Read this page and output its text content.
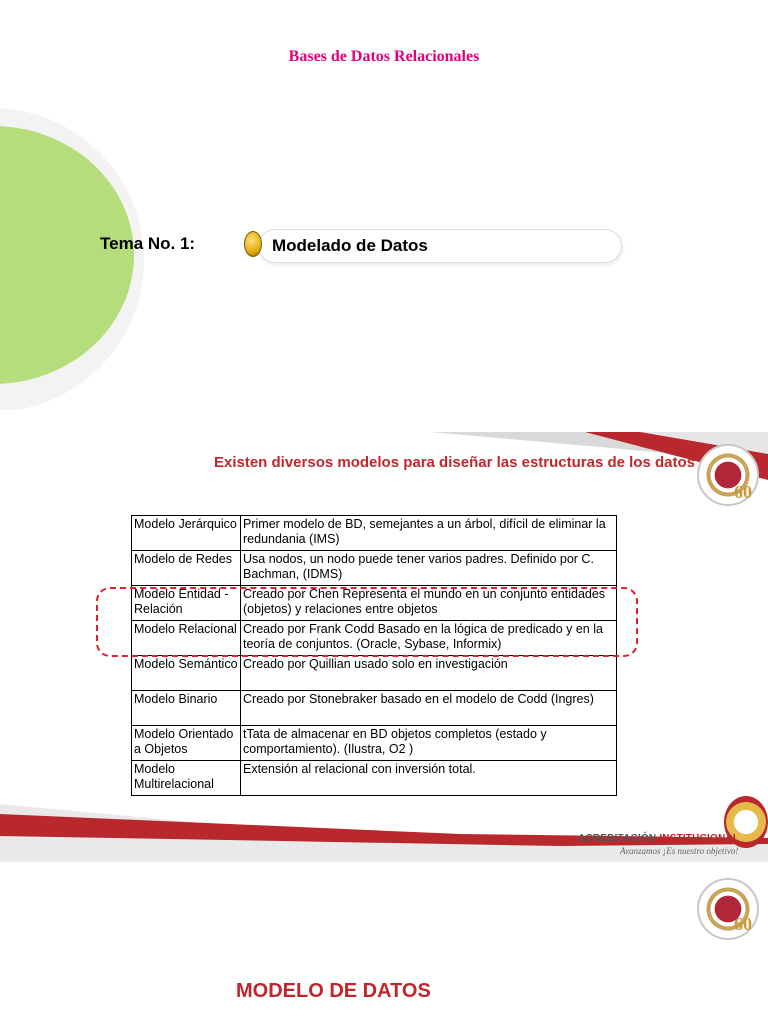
Bases de Datos Relacionales
Tema No. 1:	Modelado de Datos
Existen diversos modelos para diseñar las estructuras de los datos
60
Modelo Jerárquico	Primer modelo de BD, semejantes a un árbol, difícil de eliminar la redundania (IMS)
Modelo de Redes	Usa nodos, un nodo puede tener varios padres. Definido por C. Bachman, (IDMS)
Modelo Entidad - Relación	Creado por Chen Representa el mundo en un conjunto entidades (objetos) y relaciones entre objetos
Modelo Relacional	Creado por Frank Codd Basado en la lógica de predicado y en la teoría de conjuntos. (Oracle, Sybase, Informix)
Modelo Semántico	Creado por Quillian usado solo en investigación
Modelo Binario	Creado por Stonebraker basado en el modelo de Codd (Ingres)
Modelo Orientado a Objetos	tTata de almacenar en BD objetos completos (estado y comportamiento). (Ilustra, O2 )
Modelo Multirelacional	Extensión al relacional con inversión total.
ACREDITACIÓN INSTITUCIONAL
Avanzamos ¡Es nuestro objetivo!
60
MODELO DE DATOS
